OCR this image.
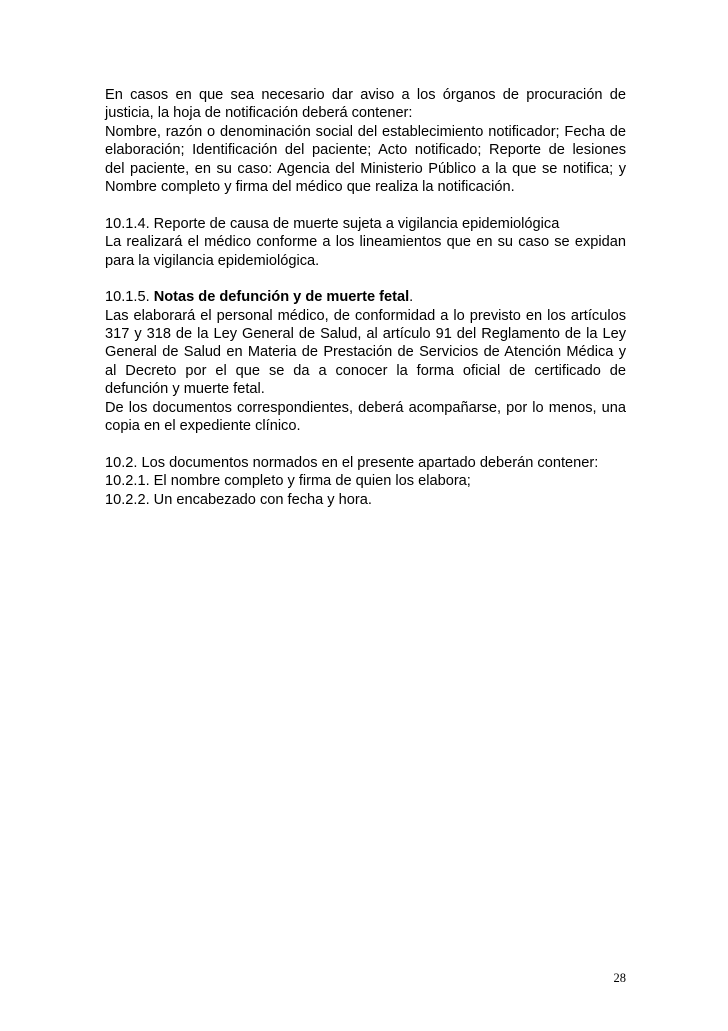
En casos en que sea necesario dar aviso a los órganos de procuración de
justicia, la hoja de notificación deberá contener:
Nombre, razón o denominación social del establecimiento notificador; Fecha de
elaboración; Identificación del paciente; Acto notificado; Reporte de lesiones
del paciente, en su caso: Agencia del Ministerio Público a la que se notifica; y
Nombre completo y firma del médico que realiza la notificación.
10.1.4. Reporte de causa de muerte sujeta a vigilancia epidemiológica
La realizará el médico conforme a los lineamientos que en su caso se expidan
para la vigilancia epidemiológica.
10.1.5. Notas de defunción y de muerte fetal.
Las elaborará el personal médico, de conformidad a lo previsto en los artículos
317 y 318 de la Ley General de Salud, al artículo 91 del Reglamento de la Ley
General de Salud en Materia de Prestación de Servicios de Atención Médica y
al Decreto por el que se da a conocer la forma oficial de certificado de
defunción y muerte fetal.
De los documentos correspondientes, deberá acompañarse, por lo menos, una
copia en el expediente clínico.
10.2. Los documentos normados en el presente apartado deberán contener:
10.2.1. El nombre completo y firma de quien los elabora;
10.2.2. Un encabezado con fecha y hora.
28
